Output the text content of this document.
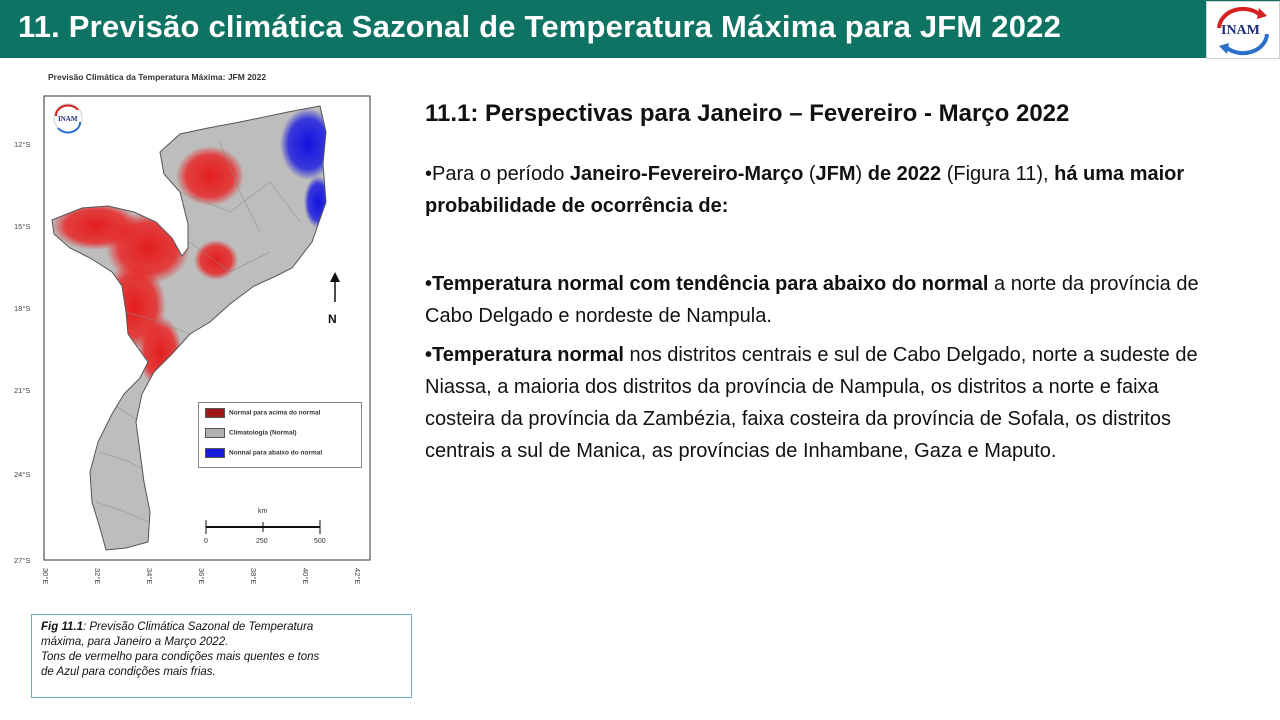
11. Previsão climática Sazonal de Temperatura Máxima para JFM 2022	INAM
Previsão Climática da Temperatura Máxima: JFM 2022
INAM
12°S
15°S
18°S
21°S
24°S
27°S
30°E	32°E	34°E	36°E	38°E	40°E	42°E
N
Normal para acima do normal
Climatologia (Normal)
Nonnal para abaixo do normal
km
0	250	500
Fig 11.1: Previsão Climática Sazonal de Temperatura
máxima, para Janeiro a Março 2022.
Tons de vermelho para condições mais quentes e tons
de Azul para condições mais frias.
11.1: Perspectivas para Janeiro – Fevereiro - Março 2022
•Para o período Janeiro-Fevereiro-Março (JFM) de 2022 (Figura 11), há uma maior probabilidade de ocorrência de:
•Temperatura normal com tendência para abaixo do normal a norte da província de Cabo Delgado e nordeste de Nampula.
•Temperatura normal nos distritos centrais e sul de Cabo Delgado, norte a sudeste de Niassa, a maioria dos distritos da província de Nampula, os distritos a norte e faixa costeira da província da Zambézia, faixa costeira da província de Sofala, os distritos centrais a sul de Manica, as províncias de Inhambane, Gaza e Maputo.
